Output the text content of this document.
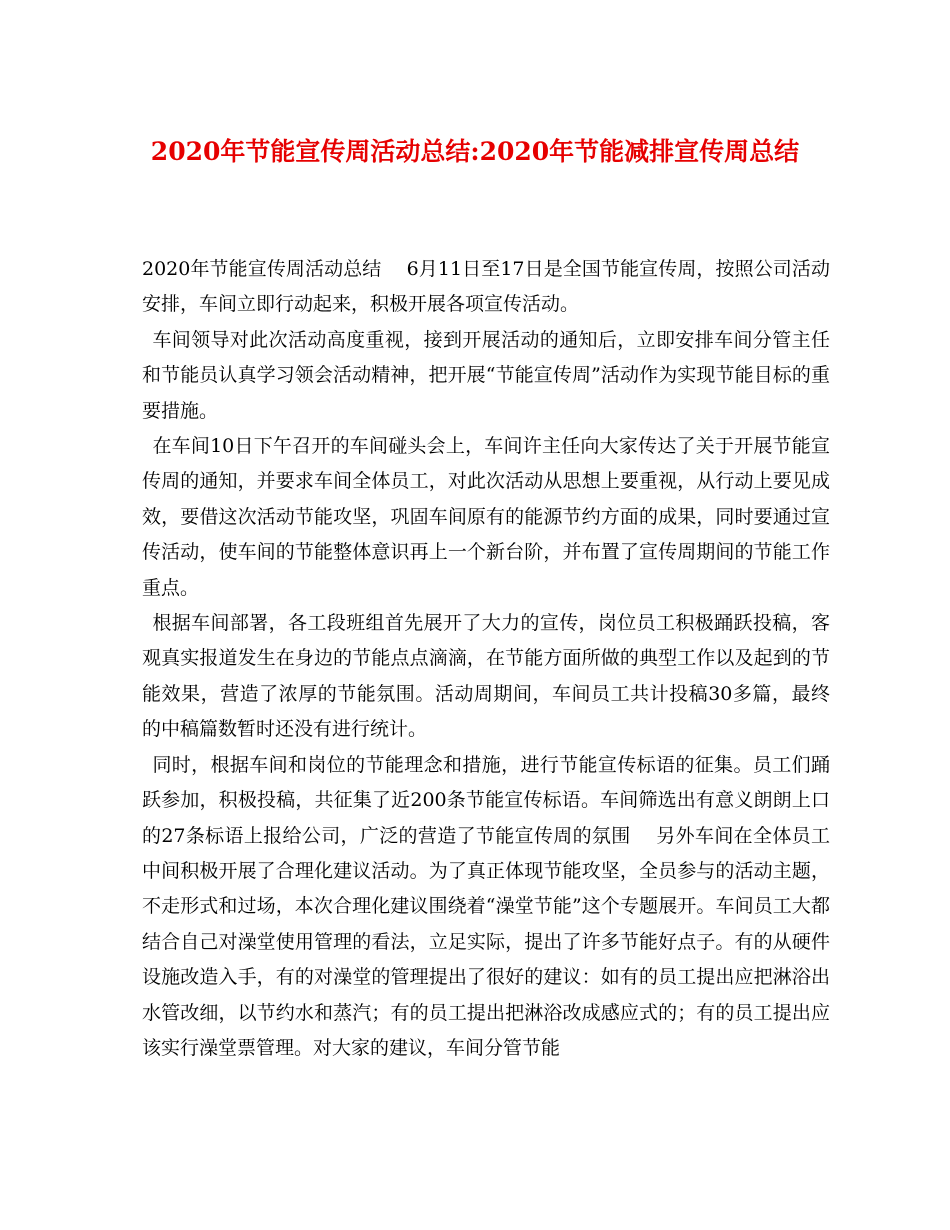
2020年节能宣传周活动总结:2020年节能减排宣传周总结

2020年节能宣传周活动总结　 6月11日至17日是全国节能宣传周，按照公司活动安排，车间立即行动起来，积极开展各项宣传活动。

车间领导对此次活动高度重视，接到开展活动的通知后，立即安排车间分管主任和节能员认真学习领会活动精神，把开展“节能宣传周”活动作为实现节能目标的重要措施。

在车间10日下午召开的车间碰头会上，车间许主任向大家传达了关于开展节能宣传周的通知，并要求车间全体员工，对此次活动从思想上要重视，从行动上要见成效，要借这次活动节能攻坚，巩固车间原有的能源节约方面的成果，同时要通过宣传活动，使车间的节能整体意识再上一个新台阶，并布置了宣传周期间的节能工作重点。

根据车间部署，各工段班组首先展开了大力的宣传，岗位员工积极踊跃投稿，客观真实报道发生在身边的节能点点滴滴，在节能方面所做的典型工作以及起到的节能效果，营造了浓厚的节能氛围。活动周期间，车间员工共计投稿30多篇，最终的中稿篇数暂时还没有进行统计。

同时，根据车间和岗位的节能理念和措施，进行节能宣传标语的征集。员工们踊跃参加，积极投稿，共征集了近200条节能宣传标语。车间筛选出有意义朗朗上口的27条标语上报给公司，广泛的营造了节能宣传周的氛围　 另外车间在全体员工中间积极开展了合理化建议活动。为了真正体现节能攻坚，全员参与的活动主题，不走形式和过场，本次合理化建议围绕着“澡堂节能”这个专题展开。车间员工大都结合自己对澡堂使用管理的看法，立足实际，提出了许多节能好点子。有的从硬件设施改造入手，有的对澡堂的管理提出了很好的建议：如有的员工提出应把淋浴出水管改细，以节约水和蒸汽；有的员工提出把淋浴改成感应式的；有的员工提出应该实行澡堂票管理。对大家的建议，车间分管节能
